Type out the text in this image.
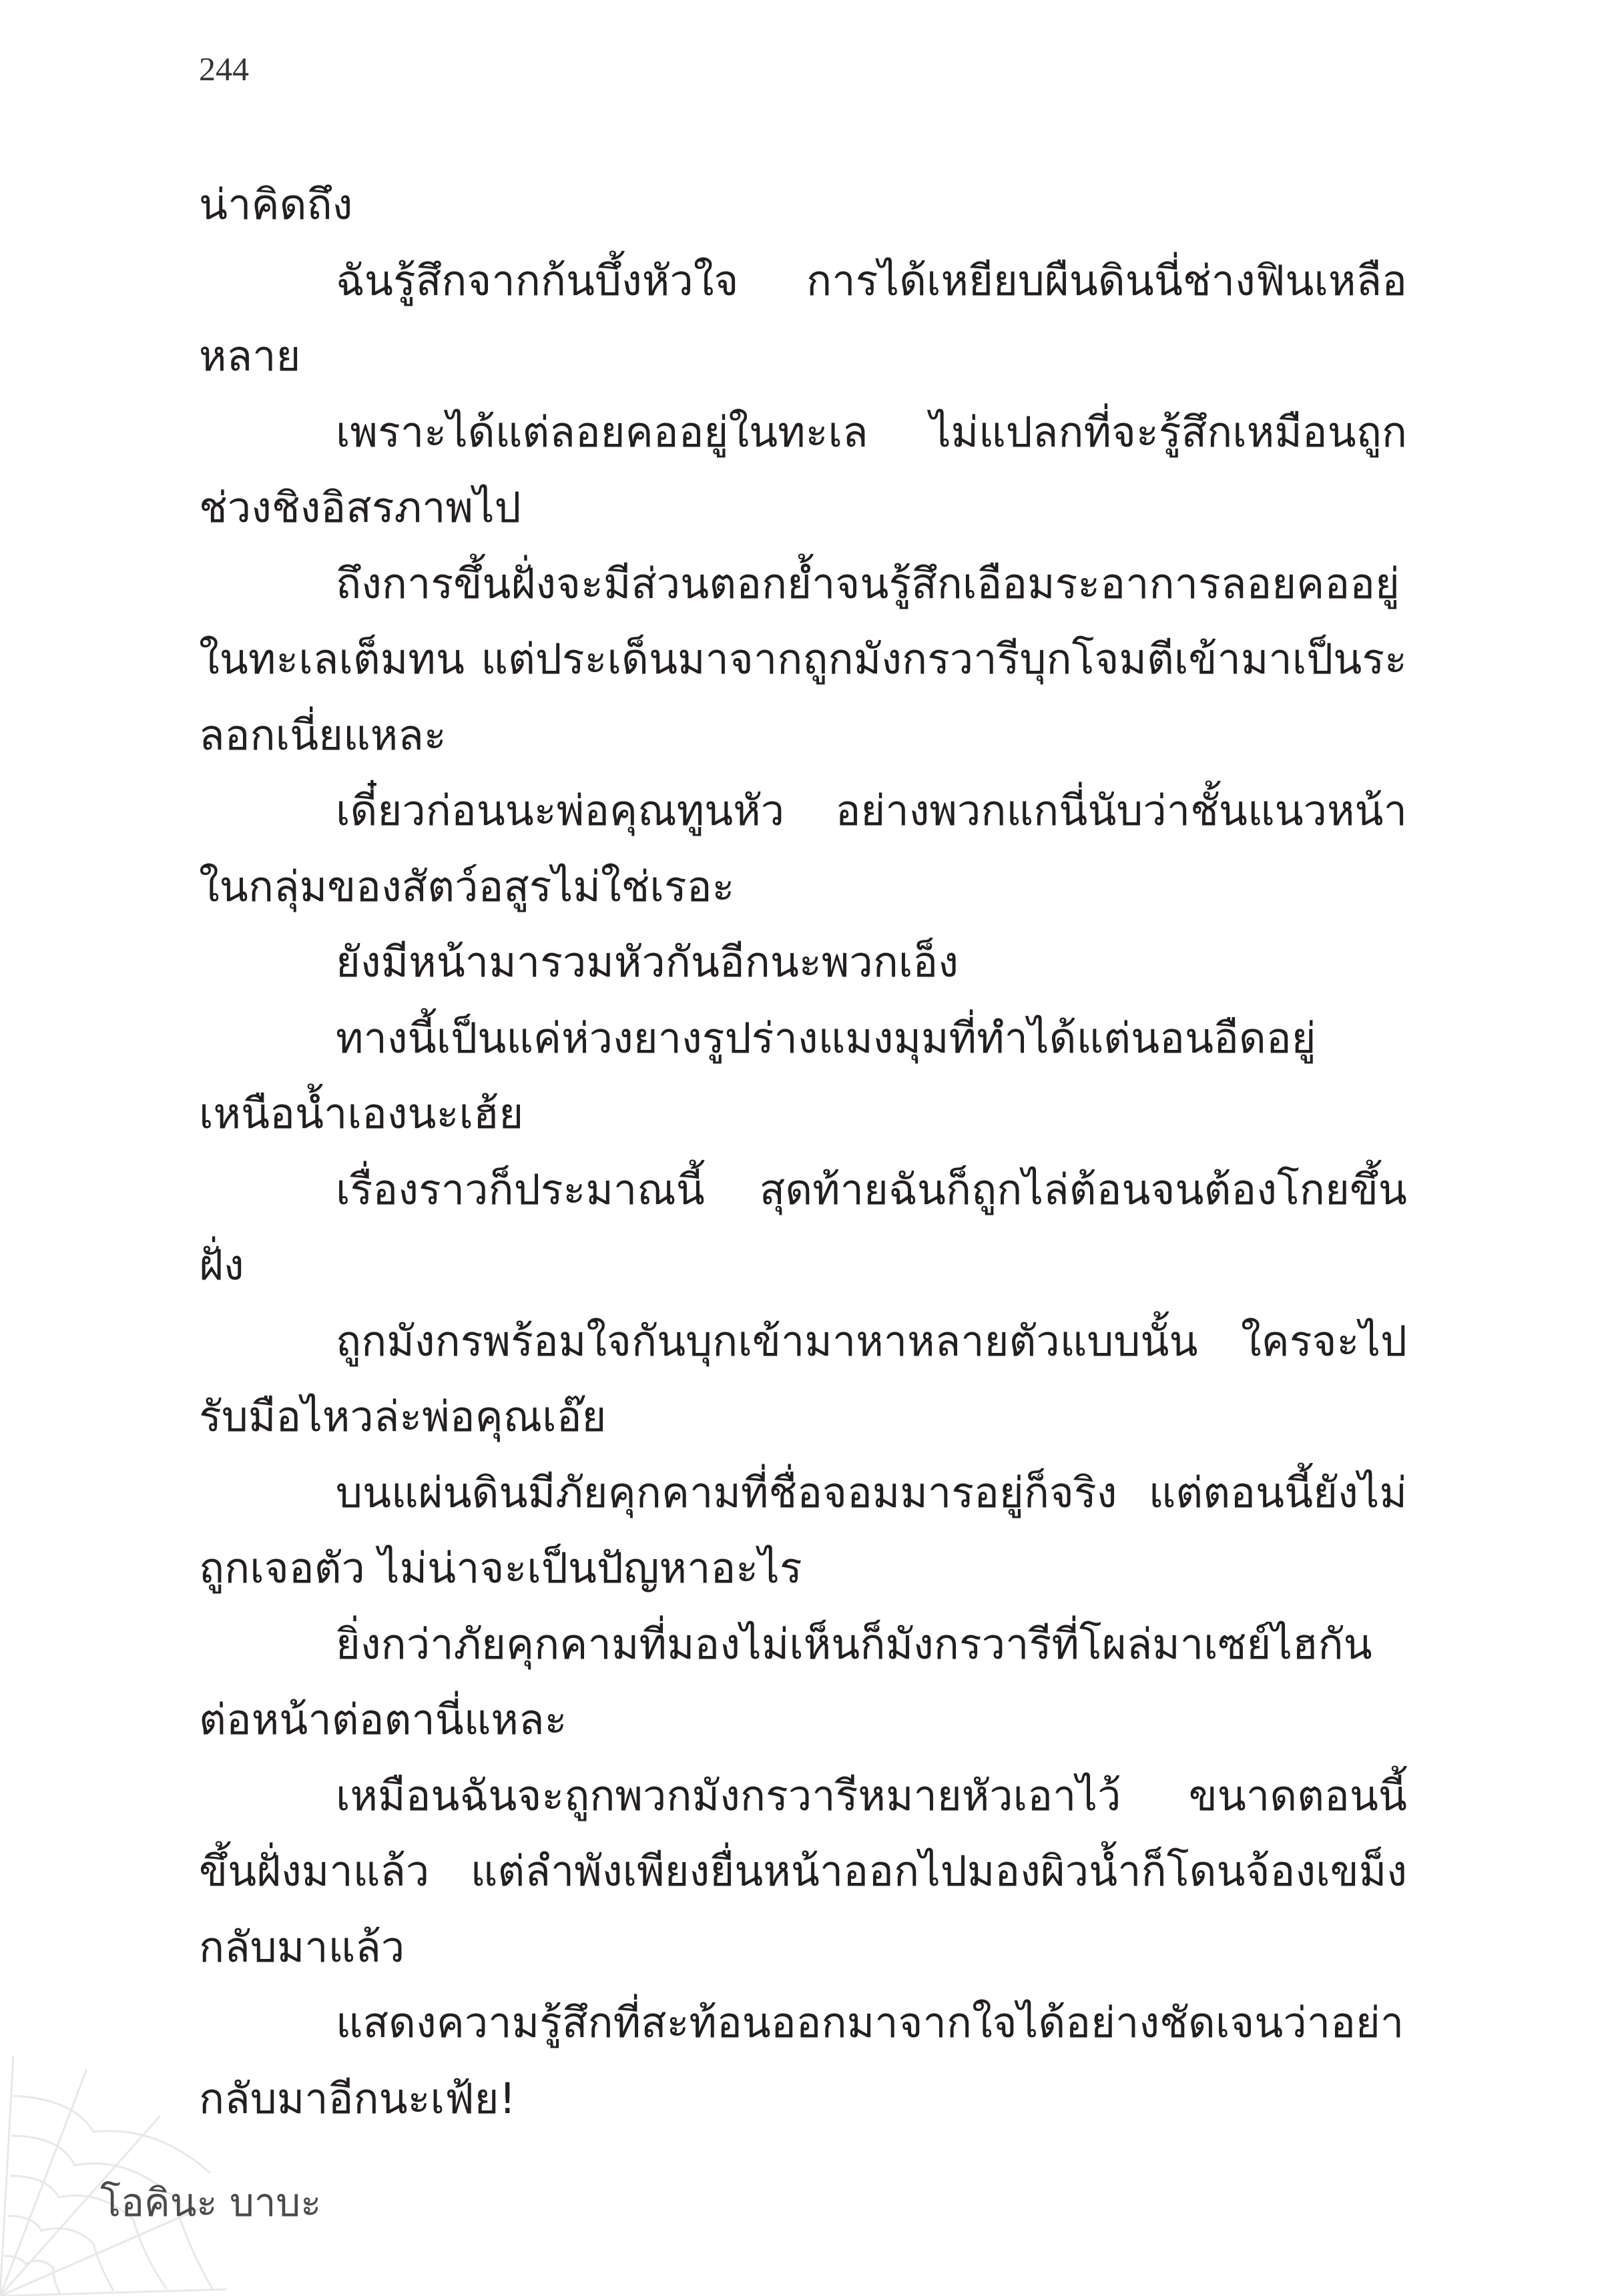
244

น่าคิดถึง

ฉันรู้สึกจากก้นบึ้งหัวใจ การได้เหยียบผืนดินนี่ช่างฟินเหลือหลาย

เพราะได้แต่ลอยคออยู่ในทะเล ไม่แปลกที่จะรู้สึกเหมือนถูกช่วงชิงอิสรภาพไป

ถึงการขึ้นฝั่งจะมีส่วนตอกย้ำจนรู้สึกเอือมระอาการลอยคออยู่ในทะเลเต็มทน แต่ประเด็นมาจากถูกมังกรวารีบุกโจมตีเข้ามาเป็นระลอกเนี่ยแหละ

เดี๋ยวก่อนนะพ่อคุณทูนหัว อย่างพวกแกนี่นับว่าชั้นแนวหน้าในกลุ่มของสัตว์อสูรไม่ใช่เรอะ

ยังมีหน้ามารวมหัวกันอีกนะพวกเอ็ง

ทางนี้เป็นแค่ห่วงยางรูปร่างแมงมุมที่ทำได้แต่นอนอืดอยู่เหนือน้ำเองนะเฮ้ย

เรื่องราวก็ประมาณนี้ สุดท้ายฉันก็ถูกไล่ต้อนจนต้องโกยขึ้นฝั่ง

ถูกมังกรพร้อมใจกันบุกเข้ามาหาหลายตัวแบบนั้น ใครจะไปรับมือไหวล่ะพ่อคุณเอ๊ย

บนแผ่นดินมีภัยคุกคามที่ชื่อจอมมารอยู่ก็จริง แต่ตอนนี้ยังไม่ถูกเจอตัว ไม่น่าจะเป็นปัญหาอะไร

ยิ่งกว่าภัยคุกคามที่มองไม่เห็นก็มังกรวารีที่โผล่มาเซย์ไฮกันต่อหน้าต่อตานี่แหละ

เหมือนฉันจะถูกพวกมังกรวารีหมายหัวเอาไว้ ขนาดตอนนี้ขึ้นฝั่งมาแล้ว แต่ลำพังเพียงยื่นหน้าออกไปมองผิวน้ำก็โดนจ้องเขม็งกลับมาแล้ว

แสดงความรู้สึกที่สะท้อนออกมาจากใจได้อย่างชัดเจนว่าอย่ากลับมาอีกนะเฟ้ย!

โอคินะ บาบะ
